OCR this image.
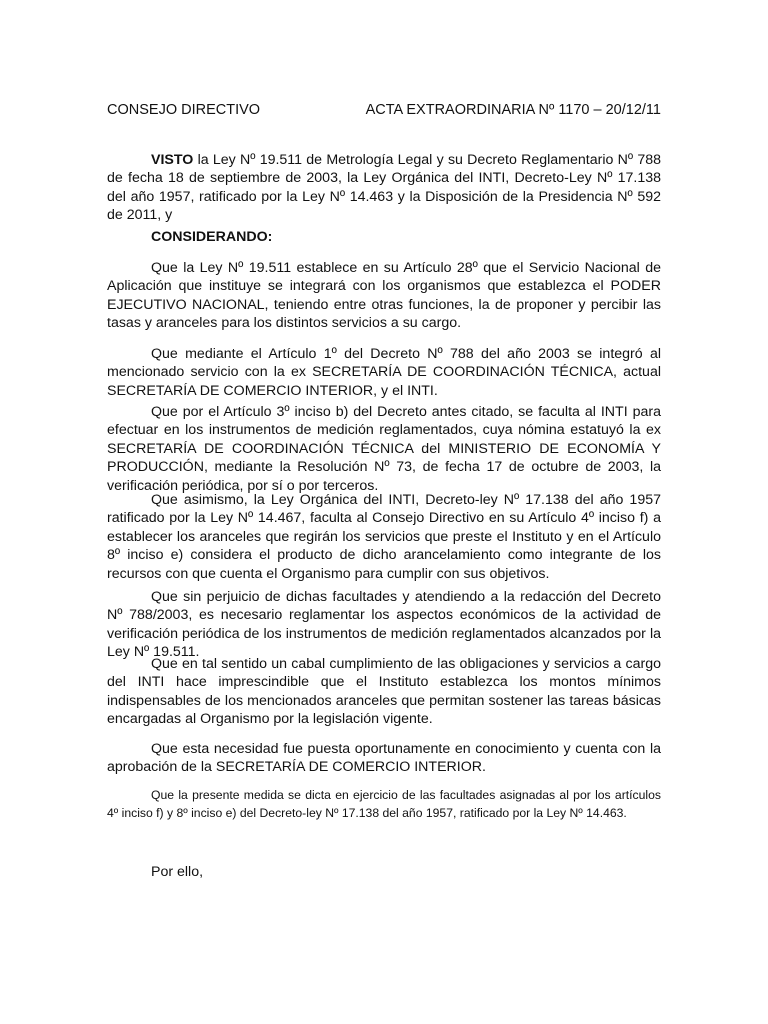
CONSEJO DIRECTIVO	ACTA EXTRAORDINARIA Nº 1170 – 20/12/11

VISTO la Ley Nº 19.511 de Metrología Legal y su Decreto Reglamentario Nº 788 de fecha 18 de septiembre de 2003, la Ley Orgánica del INTI, Decreto-Ley Nº 17.138 del año 1957, ratificado por la Ley Nº 14.463 y la Disposición de la Presidencia Nº 592 de 2011, y

CONSIDERANDO:

Que la Ley Nº 19.511 establece en su Artículo 28º que el Servicio Nacional de Aplicación que instituye se integrará con los organismos que establezca el PODER EJECUTIVO NACIONAL, teniendo entre otras funciones, la de proponer y percibir las tasas y aranceles para los distintos servicios a su cargo.

Que mediante el Artículo 1º del Decreto Nº 788 del año 2003 se integró al mencionado servicio con la ex SECRETARÍA DE COORDINACIÓN TÉCNICA, actual SECRETARÍA DE COMERCIO INTERIOR, y el INTI.

Que por el Artículo 3º inciso b) del Decreto antes citado, se faculta al INTI para efectuar en los instrumentos de medición reglamentados, cuya nómina estatuyó la ex SECRETARÍA DE COORDINACIÓN TÉCNICA del MINISTERIO DE ECONOMÍA Y PRODUCCIÓN, mediante la Resolución Nº 73, de fecha 17 de octubre de 2003, la verificación periódica, por sí o por terceros.

Que asimismo, la Ley Orgánica del INTI, Decreto-ley Nº 17.138 del año 1957 ratificado por la Ley Nº 14.467, faculta al Consejo Directivo en su Artículo 4º inciso f) a establecer los aranceles que regirán los servicios que preste el Instituto y en el Artículo 8º inciso e) considera el producto de dicho arancelamiento como integrante de los recursos con que cuenta el Organismo para cumplir con sus objetivos.

Que sin perjuicio de dichas facultades y atendiendo a la redacción del Decreto Nº 788/2003, es necesario reglamentar los aspectos económicos de la actividad de verificación periódica de los instrumentos de medición reglamentados alcanzados por la Ley Nº 19.511.

Que en tal sentido un cabal cumplimiento de las obligaciones y servicios a cargo del INTI hace imprescindible que el Instituto establezca los montos mínimos indispensables de los mencionados aranceles que permitan sostener las tareas básicas encargadas al Organismo por la legislación vigente.

Que esta necesidad fue puesta oportunamente en conocimiento y cuenta con la aprobación de la SECRETARÍA DE COMERCIO INTERIOR.

Que la presente medida se dicta en ejercicio de las facultades asignadas al por los artículos 4º inciso f) y 8º inciso e) del Decreto-ley Nº 17.138 del año 1957, ratificado por la Ley Nº 14.463.

Por ello,
